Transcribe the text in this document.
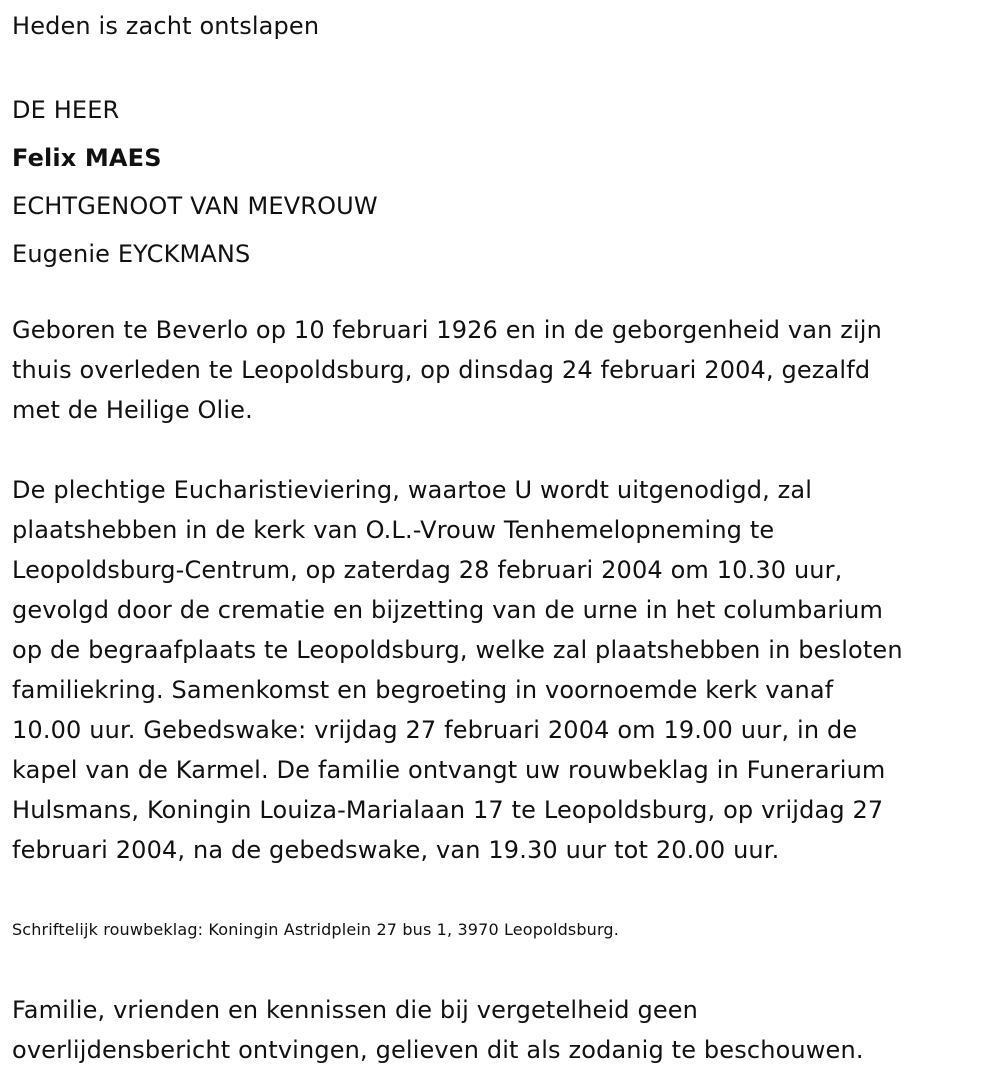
Heden is zacht ontslapen

DE HEER

Felix MAES

ECHTGENOOT VAN MEVROUW

Eugenie EYCKMANS

Geboren te Beverlo op 10 februari 1926 en in de geborgenheid van zijn

thuis overleden te Leopoldsburg, op dinsdag 24 februari 2004, gezalfd

met de Heilige Olie.

De plechtige Eucharistieviering, waartoe U wordt uitgenodigd, zal

plaatshebben in de kerk van O.L.-Vrouw Tenhemelopneming te

Leopoldsburg-Centrum, op zaterdag 28 februari 2004 om 10.30 uur,

gevolgd door de crematie en bijzetting van de urne in het columbarium

op de begraafplaats te Leopoldsburg, welke zal plaatshebben in besloten

familiekring. Samenkomst en begroeting in voornoemde kerk vanaf

10.00 uur. Gebedswake: vrijdag 27 februari 2004 om 19.00 uur, in de

kapel van de Karmel. De familie ontvangt uw rouwbeklag in Funerarium

Hulsmans, Koningin Louiza-Marialaan 17 te Leopoldsburg, op vrijdag 27

februari 2004, na de gebedswake, van 19.30 uur tot 20.00 uur.

Schriftelijk rouwbeklag: Koningin Astridplein 27 bus 1, 3970 Leopoldsburg.

Familie, vrienden en kennissen die bij vergetelheid geen

overlijdensbericht ontvingen, gelieven dit als zodanig te beschouwen.
